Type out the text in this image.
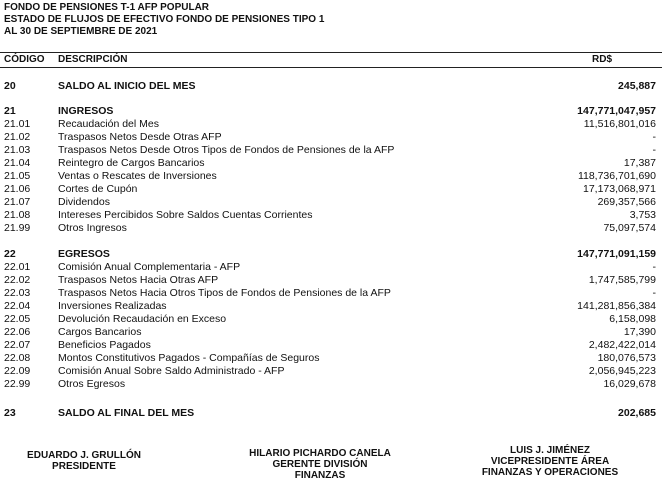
FONDO DE PENSIONES T-1 AFP POPULAR
ESTADO DE FLUJOS DE EFECTIVO FONDO DE PENSIONES TIPO 1
AL 30 DE SEPTIEMBRE DE 2021
CÓDIGO DESCRIPCIÓN	RD$
20	SALDO AL INICIO DEL MES	245,887
21	INGRESOS	147,771,047,957
21.01	Recaudación del Mes	11,516,801,016
21.02	Traspasos Netos Desde Otras AFP	-
21.03	Traspasos Netos Desde Otros Tipos de Fondos de Pensiones de la AFP	-
21.04	Reintegro de Cargos Bancarios	17,387
21.05	Ventas o Rescates de Inversiones	118,736,701,690
21.06	Cortes de Cupón	17,173,068,971
21.07	Dividendos	269,357,566
21.08	Intereses Percibidos Sobre Saldos Cuentas Corrientes	3,753
21.99	Otros Ingresos	75,097,574
22	EGRESOS	147,771,091,159
22.01	Comisión Anual Complementaria - AFP	-
22.02	Traspasos Netos Hacia Otras AFP	1,747,585,799
22.03	Traspasos Netos Hacia Otros Tipos de Fondos de Pensiones de la AFP	-
22.04	Inversiones Realizadas	141,281,856,384
22.05	Devolución Recaudación en Exceso	6,158,098
22.06	Cargos Bancarios	17,390
22.07	Beneficios Pagados	2,482,422,014
22.08	Montos Constitutivos Pagados - Compañías de Seguros	180,076,573
22.09	Comisión Anual Sobre Saldo Administrado - AFP	2,056,945,223
22.99	Otros Egresos	16,029,678
23	SALDO AL FINAL DEL MES	202,685
EDUARDO J. GRULLÓN
PRESIDENTE
HILARIO PICHARDO CANELA
GERENTE DIVISIÓN
FINANZAS
LUIS J. JIMÉNEZ
VICEPRESIDENTE ÁREA
FINANZAS Y OPERACIONES
